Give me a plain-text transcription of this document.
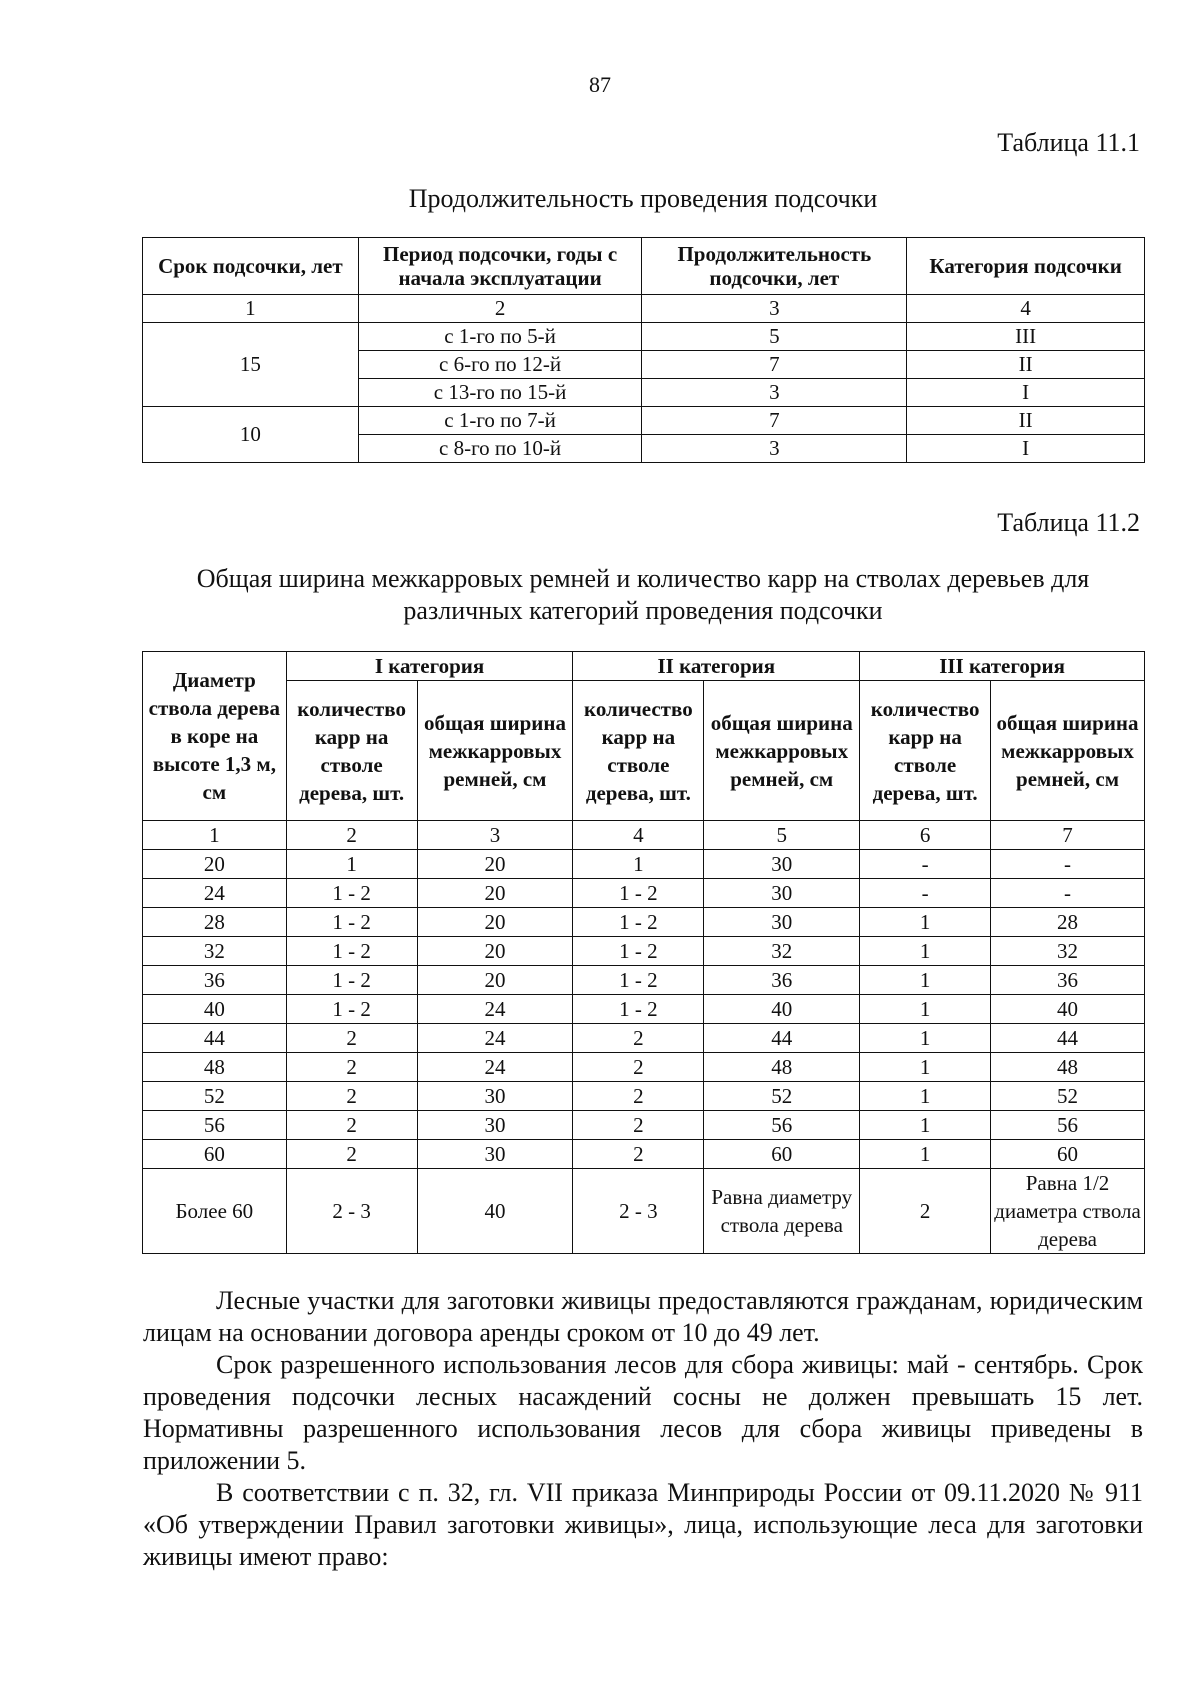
87
Таблица 11.1
Продолжительность проведения подсочки
Срок подсочки, лет	Период подсочки, годы с начала эксплуатации	Продолжительность подсочки, лет	Категория подсочки
1	2	3	4
15	с 1-го по 5-й	5	III
	с 6-го по 12-й	7	II
	с 13-го по 15-й	3	I
10	с 1-го по 7-й	7	II
	с 8-го по 10-й	3	I
Таблица 11.2
Общая ширина межкарровых ремней и количество карр на стволах деревьев для различных категорий проведения подсочки
Диаметр ствола дерева в коре на высоте 1,3 м, см	I категория		II категория		III категория	
	количество карр на стволе дерева, шт.	общая ширина межкарровых ремней, см	количество карр на стволе дерева, шт.	общая ширина межкарровых ремней, см	количество карр на стволе дерева, шт.	общая ширина межкарровых ремней, см
1	2	3	4	5	6	7
20	1	20	1	30	-	-
24	1 - 2	20	1 - 2	30	-	-
28	1 - 2	20	1 - 2	30	1	28
32	1 - 2	20	1 - 2	32	1	32
36	1 - 2	20	1 - 2	36	1	36
40	1 - 2	24	1 - 2	40	1	40
44	2	24	2	44	1	44
48	2	24	2	48	1	48
52	2	30	2	52	1	52
56	2	30	2	56	1	56
60	2	30	2	60	1	60
Более 60	2 - 3	40	2 - 3	Равна диаметру ствола дерева	2	Равна 1/2 диаметра ствола дерева

Лесные участки для заготовки живицы предоставляются гражданам, юридическим лицам на основании договора аренды сроком от 10 до 49 лет.

Срок разрешенного использования лесов для сбора живицы: май - сентябрь. Срок проведения подсочки лесных насаждений сосны не должен превышать 15 лет. Нормативны разрешенного использования лесов для сбора живицы приведены в приложении 5.

В соответствии с п. 32, гл. VII приказа Минприроды России от 09.11.2020 № 911 «Об утверждении Правил заготовки живицы», лица, использующие леса для заготовки живицы имеют право:
